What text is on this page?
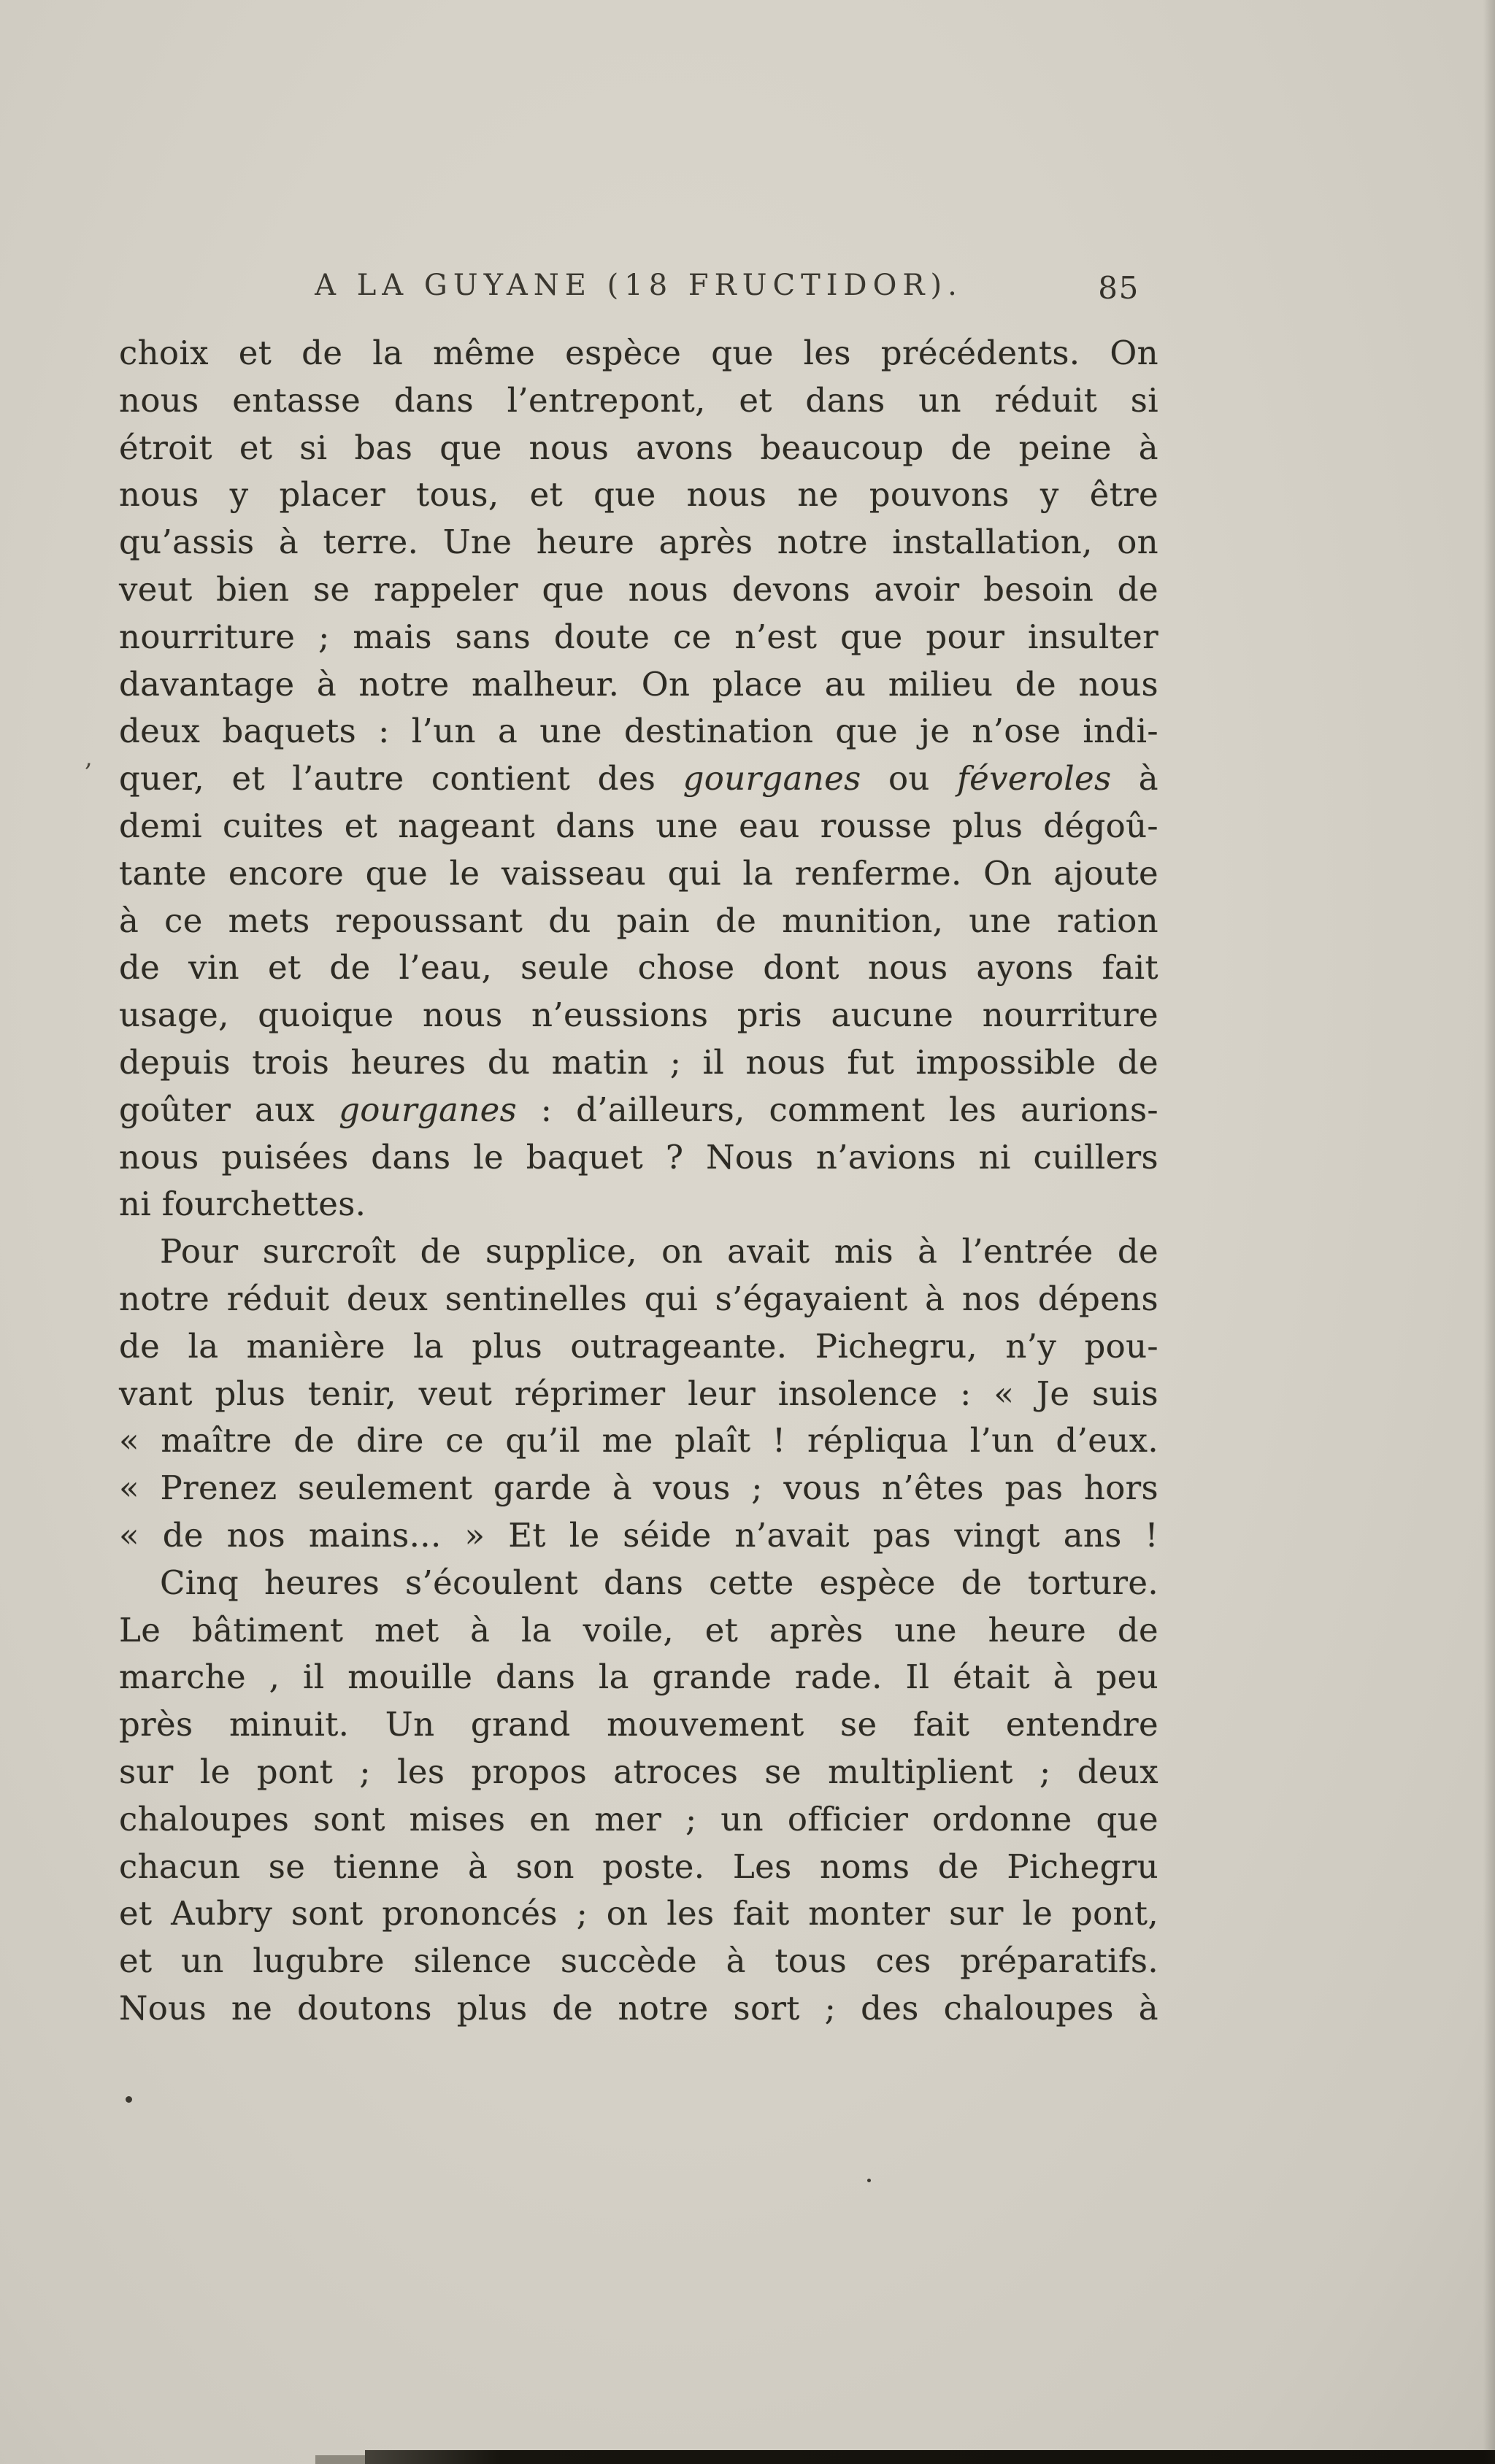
A LA GUYANE (18 FRUCTIDOR).	85
choix et de la même espèce que les précédents. On
nous entasse dans l’entrepont, et dans un réduit si
étroit et si bas que nous avons beaucoup de peine à
nous y placer tous, et que nous ne pouvons y être
qu’assis à terre. Une heure après notre installation, on
veut bien se rappeler que nous devons avoir besoin de
nourriture ; mais sans doute ce n’est que pour insulter
davantage à notre malheur. On place au milieu de nous
deux baquets : l’un a une destination que je n’ose indi-
quer, et l’autre contient des gourganes ou féveroles à
demi cuites et nageant dans une eau rousse plus dégoû-
tante encore que le vaisseau qui la renferme. On ajoute
à ce mets repoussant du pain de munition, une ration
de vin et de l’eau, seule chose dont nous ayons fait
usage, quoique nous n’eussions pris aucune nourriture
depuis trois heures du matin ; il nous fut impossible de
goûter aux gourganes : d’ailleurs, comment les aurions-
nous puisées dans le baquet ? Nous n’avions ni cuillers
ni fourchettes.
Pour surcroît de supplice, on avait mis à l’entrée de
notre réduit deux sentinelles qui s’égayaient à nos dépens
de la manière la plus outrageante. Pichegru, n’y pou-
vant plus tenir, veut réprimer leur insolence : « Je suis
« maître de dire ce qu’il me plaît ! répliqua l’un d’eux.
« Prenez seulement garde à vous ; vous n’êtes pas hors
« de nos mains... » Et le séide n’avait pas vingt ans !
Cinq heures s’écoulent dans cette espèce de torture.
Le bâtiment met à la voile, et après une heure de
marche , il mouille dans la grande rade. Il était à peu
près minuit. Un grand mouvement se fait entendre
sur le pont ; les propos atroces se multiplient ; deux
chaloupes sont mises en mer ; un officier ordonne que
chacun se tienne à son poste. Les noms de Pichegru
et Aubry sont prononcés ; on les fait monter sur le pont,
et un lugubre silence succède à tous ces préparatifs.
Nous ne doutons plus de notre sort ; des chaloupes à
,
